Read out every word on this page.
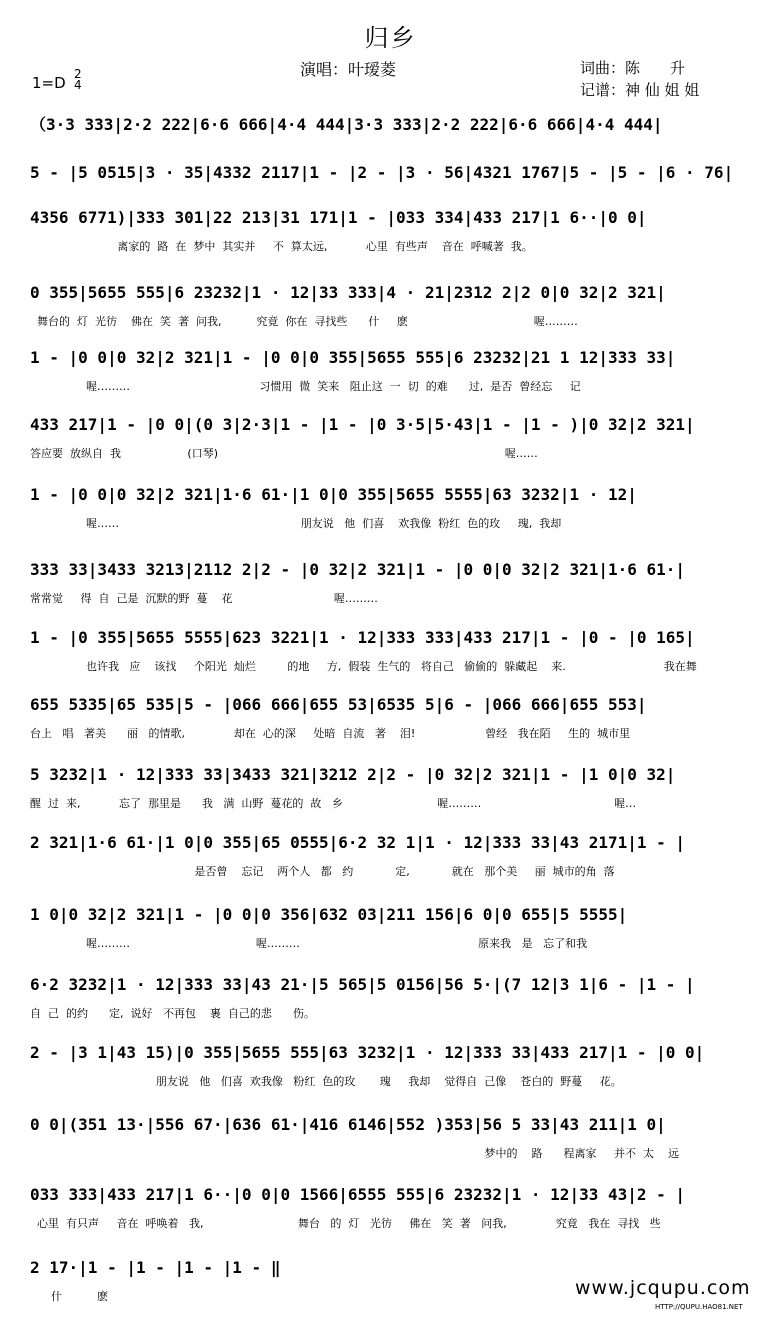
归乡
演唱：叶瑷菱
1=D 2
4
词曲：陈　　升
记谱：神 仙 姐 姐
（3·3 333|2·2 222|6·6 666|4·4 444|3·3 333|2·2 222|6·6 666|4·4 444|
5 - |5 0515|3 · 35|4332 2117|1 - |2 - |3 · 56|4321 1767|5 - |5 - |6 · 76|
4356 6771)|333 301|22 213|31 171|1 - |033 334|433 217|1 6··|0 0|
离家的  路  在  梦中  其实并     不  算太远,           心里  有些声    音在  呼喊著  我。
0 355|5655 555|6 23232|1 · 12|33 333|4 · 21|2312 2|2 0|0 32|2 321|
舞台的  灯  光彷    佛在  笑  著  问我,          究竟  你在  寻找些      什     麽                                    喔………
1 - |0 0|0 32|2 321|1 - |0 0|0 355|5655 555|6 23232|21 1 12|333 33|
喔………                                     习惯用  微  笑来   阻止这  一  切  的难      过,  是否  曾经忘     记
433 217|1 - |0 0|(0 3|2·3|1 - |1 - |0 3·5|5·43|1 - |1 - )|0 32|2 321|
答应要  放纵自  我                   (口琴)                                                                                  喔……
1 - |0 0|0 32|2 321|1·6 61·|1 0|0 355|5655 5555|63 3232|1 · 12|
喔……                                                    朋友说   他  们喜    欢我像  粉红  色的玫     瑰,  我却
333 33|3433 3213|2112 2|2 - |0 32|2 321|1 - |0 0|0 32|2 321|1·6 61·|
常常觉     得  自  己是  沉默的野  蔓    花                             喔………
1 - |0 355|5655 5555|623 3221|1 · 12|333 333|433 217|1 - |0 - |0 165|
也许我   应    该找     个阳光  灿烂         的地     方,  假装  生气的   将自己   偷偷的  躲藏起    来.                            我在舞
655 5335|65 535|5 - |066 666|655 53|6535 5|6 - |066 666|655 553|
台上   唱   著美      丽   的情歌,              却在  心的深     处暗  自流   著    泪!                    曾经   我在陌     生的  城市里
5 3232|1 · 12|333 33|3433 321|3212 2|2 - |0 32|2 321|1 - |1 0|0 32|
醒  过  来,           忘了  那里是      我   满  山野  蔓花的  故   乡                           喔………                                      喔…
2 321|1·6 61·|1 0|0 355|65 0555|6·2 32 1|1 · 12|333 33|43 2171|1 - |
是否曾    忘记    两个人   都   约            定,            就在   那个美     丽  城市的角  落
1 0|0 32|2 321|1 - |0 0|0 356|632 03|211 156|6 0|0 655|5 5555|
喔………                                    喔………                                                   原来我   是   忘了和我
6·2 3232|1 · 12|333 33|43 21·|5 565|5 0156|56 5·|(7 12|3 1|6 - |1 - |
自  己  的约      定,  说好   不再包    裹  自己的悲      伤。
2 - |3 1|43 15)|0 355|5655 555|63 3232|1 · 12|333 33|433 217|1 - |0 0|
朋友说   他   们喜  欢我像   粉红  色的玫       瑰     我却    觉得自  己像    苍白的  野蔓     花。
0 0|(351 13·|556 67·|636 61·|416 6146|552 )353|56 5 33|43 211|1 0|
梦中的    路      程离家     并不  太    远
033 333|433 217|1 6··|0 0|0 1566|6555 555|6 23232|1 · 12|33 43|2 - |
心里  有只声     音在  呼唤着   我,                           舞台   的  灯   光彷     佛在   笑  著   问我,              究竟   我在  寻找   些
2 17·|1 - |1 - |1 - |1 - ‖
什          麽	www.jcqupu.com
HTTP://QUPU.HAO81.NET
